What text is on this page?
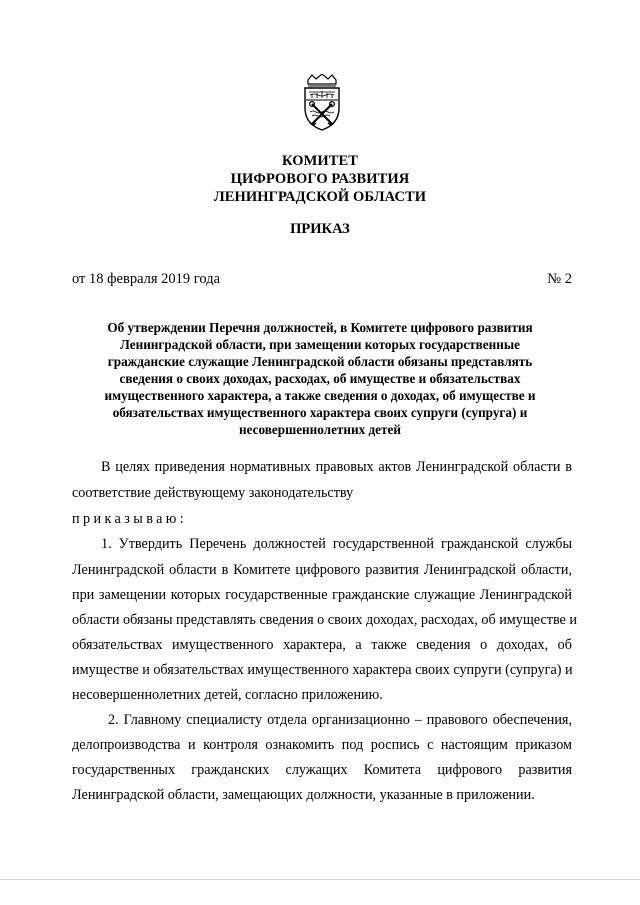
КОМИТЕТ
ЦИФРОВОГО РАЗВИТИЯ
ЛЕНИНГРАДСКОЙ ОБЛАСТИ
ПРИКАЗ
от 18 февраля 2019 года	№ 2
Об утверждении Перечня должностей, в Комитете цифрового развития
Ленинградской области, при замещении которых государственные
гражданские служащие Ленинградской области обязаны представлять
сведения о своих доходах, расходах, об имуществе и обязательствах
имущественного характера, а также сведения о доходах, об имуществе и
обязательствах имущественного характера своих супруги (супруга) и
несовершеннолетних детей
В целях приведения нормативных правовых актов Ленинградской области в
соответствие действующему законодательству
приказываю:
1. Утвердить Перечень должностей государственной гражданской службы
Ленинградской области в Комитете цифрового развития Ленинградской области,
при замещении которых государственные гражданские служащие Ленинградской
области обязаны представлять сведения о своих доходах, расходах, об имуществе и
обязательствах имущественного характера, а также сведения о доходах, об
имуществе и обязательствах имущественного характера своих супруги (супруга) и
несовершеннолетних детей, согласно приложению.
2. Главному специалисту отдела организационно – правового обеспечения,
делопроизводства и контроля ознакомить под роспись с настоящим приказом
государственных гражданских служащих Комитета цифрового развития
Ленинградской области, замещающих должности, указанные в приложении.
